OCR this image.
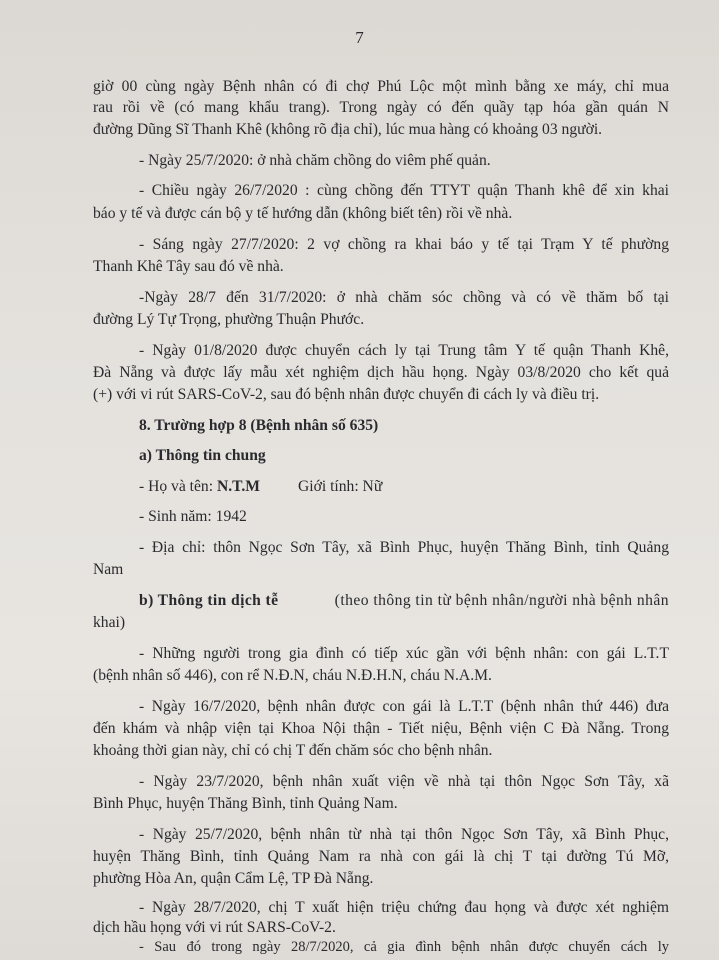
7
giờ 00 cùng ngày Bệnh nhân có đi chợ Phú Lộc một mình bằng xe máy, chỉ mua
rau rồi về (có mang khẩu trang). Trong ngày có đến quầy tạp hóa gần quán N
đường Dũng Sĩ Thanh Khê (không rõ địa chỉ), lúc mua hàng có khoảng 03 người.
- Ngày 25/7/2020: ở nhà chăm chồng do viêm phế quản.
- Chiều ngày 26/7/2020 : cùng chồng đến TTYT quận Thanh khê để xin khai
báo y tế và được cán bộ y tế hướng dẫn (không biết tên) rồi về nhà.
- Sáng ngày 27/7/2020: 2 vợ chồng ra khai báo y tế tại Trạm Y tế phường
Thanh Khê Tây sau đó về nhà.
-Ngày 28/7 đến 31/7/2020: ở nhà chăm sóc chồng và có về thăm bố tại
đường Lý Tự Trọng, phường Thuận Phước.
- Ngày 01/8/2020 được chuyển cách ly tại Trung tâm Y tế quận Thanh Khê,
Đà Nẵng và được lấy mẫu xét nghiệm dịch hầu họng. Ngày 03/8/2020 cho kết quả
(+) với vi rút SARS-CoV-2, sau đó bệnh nhân được chuyển đi cách ly và điều trị.
8. Trường hợp 8 (Bệnh nhân số 635)
a) Thông tin chung
- Họ và tên: N.T.M Giới tính: Nữ
- Sinh năm: 1942
- Địa chỉ: thôn Ngọc Sơn Tây, xã Bình Phục, huyện Thăng Bình, tỉnh Quảng
Nam
b) Thông tin dịch tễ	(theo thông tin từ bệnh nhân/người nhà bệnh nhân
khai)
- Những người trong gia đình có tiếp xúc gần với bệnh nhân: con gái L.T.T
(bệnh nhân số 446), con rể N.Đ.N, cháu N.Đ.H.N, cháu N.A.M.
- Ngày 16/7/2020, bệnh nhân được con gái là L.T.T (bệnh nhân thứ 446) đưa
đến khám và nhập viện tại Khoa Nội thận - Tiết niệu, Bệnh viện C Đà Nẵng. Trong
khoảng thời gian này, chỉ có chị T đến chăm sóc cho bệnh nhân.
- Ngày 23/7/2020, bệnh nhân xuất viện về nhà tại thôn Ngọc Sơn Tây, xã
Bình Phục, huyện Thăng Bình, tỉnh Quảng Nam.
- Ngày 25/7/2020, bệnh nhân từ nhà tại thôn Ngọc Sơn Tây, xã Bình Phục,
huyện Thăng Bình, tỉnh Quảng Nam ra nhà con gái là chị T tại đường Tú Mỡ,
phường Hòa An, quận Cẩm Lệ, TP Đà Nẵng.
- Ngày 28/7/2020, chị T xuất hiện triệu chứng đau họng và được xét nghiệm
dịch hầu họng với vi rút SARS-CoV-2.
- Sau đó trong ngày 28/7/2020, cả gia đình bệnh nhân được chuyển cách ly
